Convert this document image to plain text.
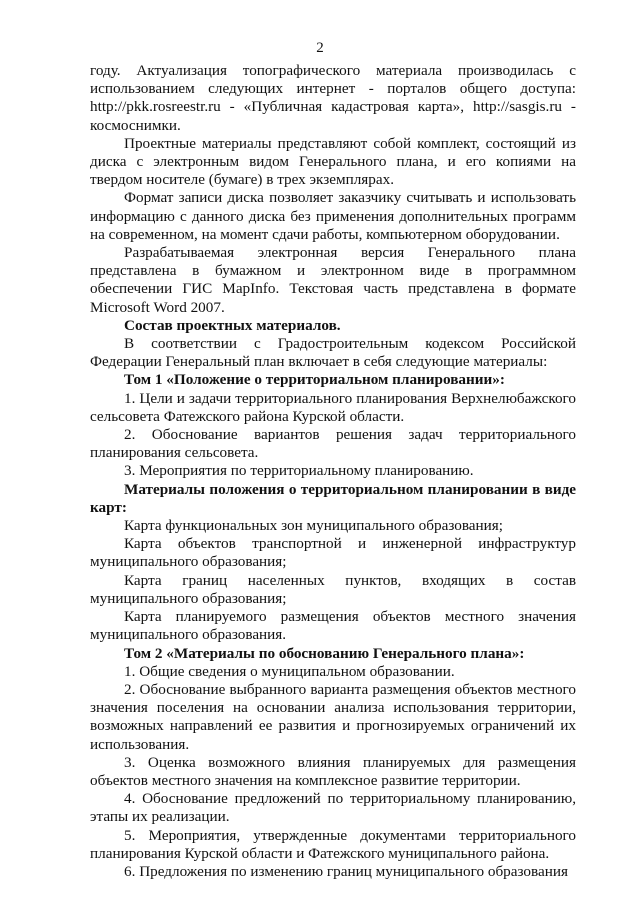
2

году. Актуализация топографического материала производилась с использованием следующих интернет - порталов общего доступа: http://pkk.rosreestr.ru - «Публичная кадастровая карта», http://sasgis.ru - космоснимки.

Проектные материалы представляют собой комплект, состоящий из диска с электронным видом Генерального плана, и его копиями на твердом носителе (бумаге) в трех экземплярах.

Формат записи диска позволяет заказчику считывать и использовать информацию с данного диска без применения дополнительных программ на современном, на момент сдачи работы, компьютерном оборудовании.

Разрабатываемая электронная версия Генерального плана представлена в бумажном и электронном виде в программном обеспечении ГИС MapInfo. Текстовая часть представлена в формате Microsoft Word 2007.

Состав проектных материалов.

В соответствии с Градостроительным кодексом Российской Федерации Генеральный план включает в себя следующие материалы:

Том 1 «Положение о территориальном планировании»:

1. Цели и задачи территориального планирования Верхнелюбажского сельсовета Фатежского района Курской области.

2. Обоснование вариантов решения задач территориального планирования сельсовета.

3. Мероприятия по территориальному планированию.

Материалы положения о территориальном планировании в виде карт:

Карта функциональных зон муниципального образования;

Карта объектов транспортной и инженерной инфраструктур муниципального образования;

Карта границ населенных пунктов, входящих в состав муниципального образования;

Карта планируемого размещения объектов местного значения муниципального образования.

Том 2 «Материалы по обоснованию Генерального плана»:

1. Общие сведения о муниципальном образовании.

2. Обоснование выбранного варианта размещения объектов местного значения поселения на основании анализа использования территории, возможных направлений ее развития и прогнозируемых ограничений их использования.

3. Оценка возможного влияния планируемых для размещения объектов местного значения на комплексное развитие территории.

4. Обоснование предложений по территориальному планированию, этапы их реализации.

5. Мероприятия, утвержденные документами территориального планирования Курской области и Фатежского муниципального района.

6. Предложения по изменению границ муниципального образования
